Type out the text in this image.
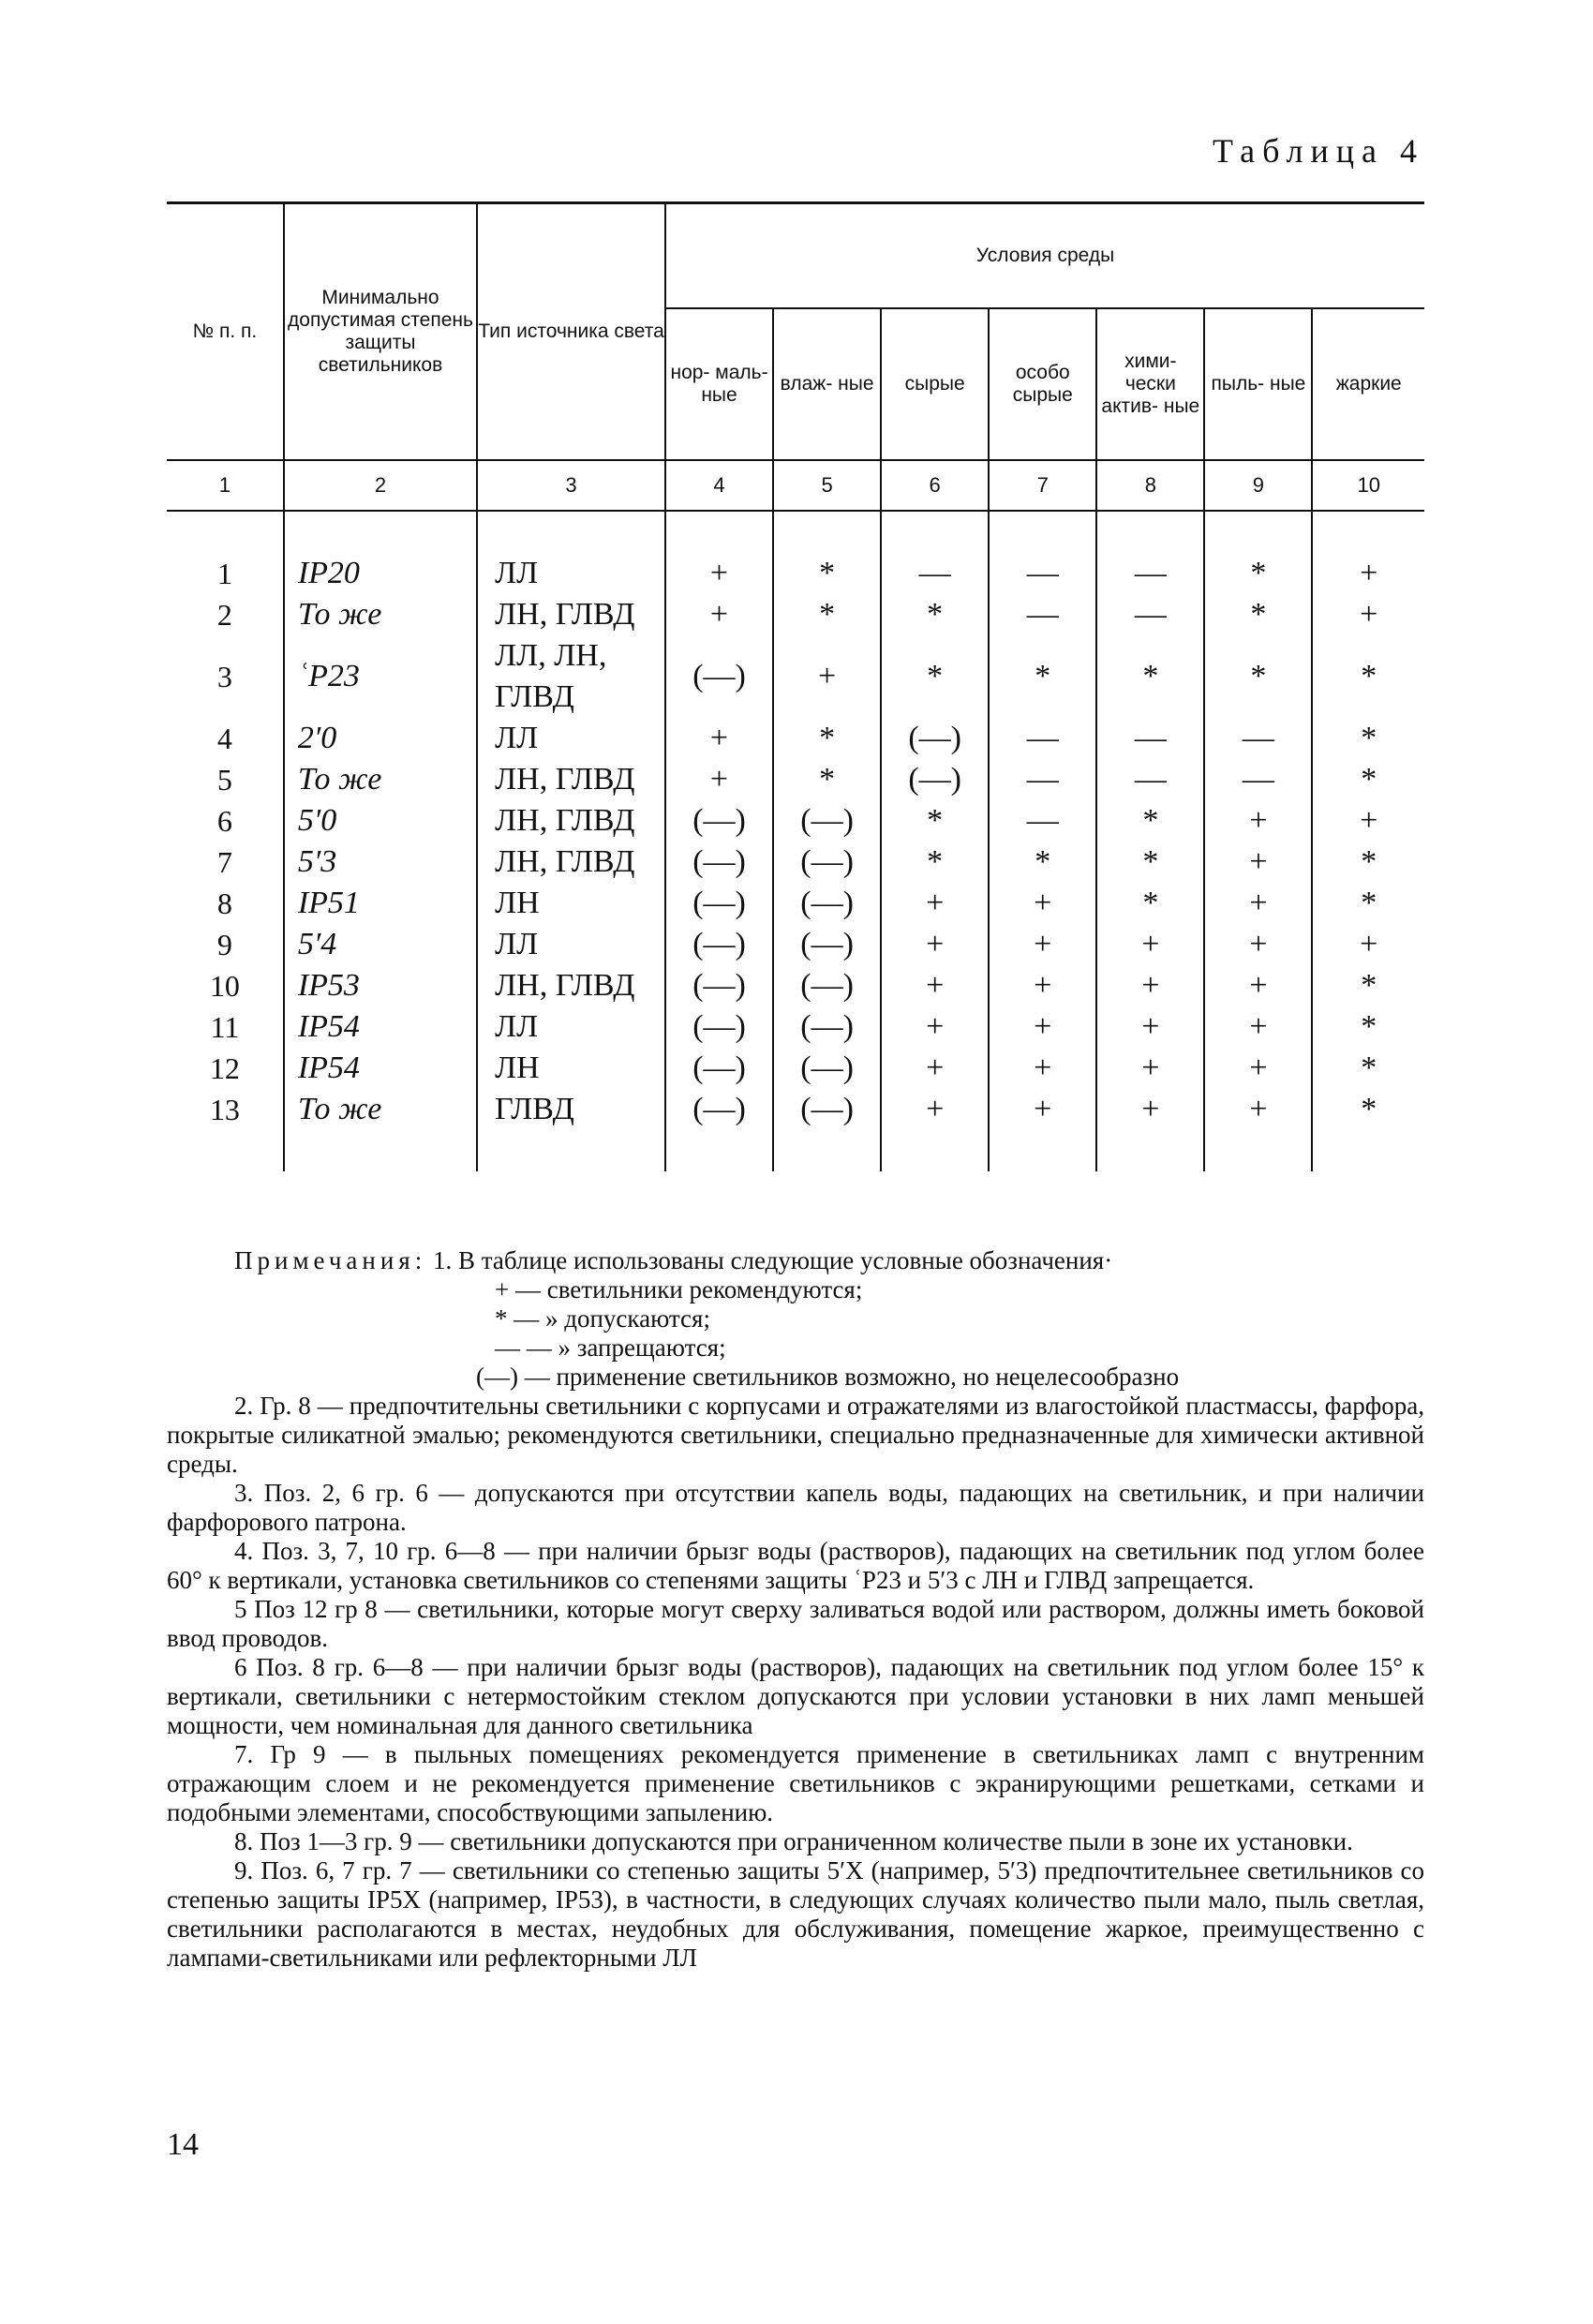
Таблица 4
№ п. п.	Минимально допустимая степень защиты светильников	Тип источника света	Условия среды						
			нор- маль- ные	влаж- ные	сырые	особо сырые	хими- чески актив- ные	пыль- ные	жаркие
1	2	3	4	5	6	7	8	9	10

1	IP20	ЛЛ	+	*	—	—	—	*	+
2	То же	ЛН, ГЛВД	+	*	*	—	—	*	+
3	ʿP23	ЛЛ, ЛН, ГЛВД	(—)	+	*	*	*	*	*
4	2′0	ЛЛ	+	*	(—)	—	—	—	*
5	То же	ЛН, ГЛВД	+	*	(—)	—	—	—	*
6	5′0	ЛН, ГЛВД	(—)	(—)	*	—	*	+	+
7	5′3	ЛН, ГЛВД	(—)	(—)	*	*	*	+	*
8	IP51	ЛН	(—)	(—)	+	+	*	+	*
9	5′4	ЛЛ	(—)	(—)	+	+	+	+	+
10	IP53	ЛН, ГЛВД	(—)	(—)	+	+	+	+	*
11	IP54	ЛЛ	(—)	(—)	+	+	+	+	*
12	IP54	ЛН	(—)	(—)	+	+	+	+	*
13	То же	ГЛВД	(—)	(—)	+	+	+	+	*

Примечания: 1. В таблице использованы следующие условные обозначения·

+ — светильники рекомендуются;

* — » допускаются;

— — » запрещаются;

(—) — применение светильников возможно, но нецелесообразно

2. Гр. 8 — предпочтительны светильники с корпусами и отражателями из влагостойкой пластмассы, фарфора, покрытые силикатной эмалью; рекомендуются светильники, специально предназначенные для химически активной среды.

3. Поз. 2, 6 гр. 6 — допускаются при отсутствии капель воды, падающих на светильник, и при наличии фарфорового патрона.

4. Поз. 3, 7, 10 гр. 6—8 — при наличии брызг воды (растворов), падающих на светильник под углом более 60° к вертикали, установка светильников со степенями защиты ʿP23 и 5′3 с ЛН и ГЛВД запрещается.

5 Поз 12 гр 8 — светильники, которые могут сверху заливаться водой или раствором, должны иметь боковой ввод проводов.

6 Поз. 8 гр. 6—8 — при наличии брызг воды (растворов), падающих на светильник под углом более 15° к вертикали, светильники с нетермостойким стеклом допускаются при условии установки в них ламп меньшей мощности, чем номинальная для данного светильника

7. Гр 9 — в пыльных помещениях рекомендуется применение в светильниках ламп с внутренним отражающим слоем и не рекомендуется применение светильников с экранирующими решетками, сетками и подобными элементами, способствующими запылению.

8. Поз 1—3 гр. 9 — светильники допускаются при ограниченном количестве пыли в зоне их установки.

9. Поз. 6, 7 гр. 7 — светильники со степенью защиты 5′X (например, 5′3) предпочтительнее светильников со степенью защиты IP5X (например, IP53), в частности, в следующих случаях количество пыли мало, пыль светлая, светильники располагаются в местах, неудобных для обслуживания, помещение жаркое, преимущественно с лампами-светильниками или рефлекторными ЛЛ

14
